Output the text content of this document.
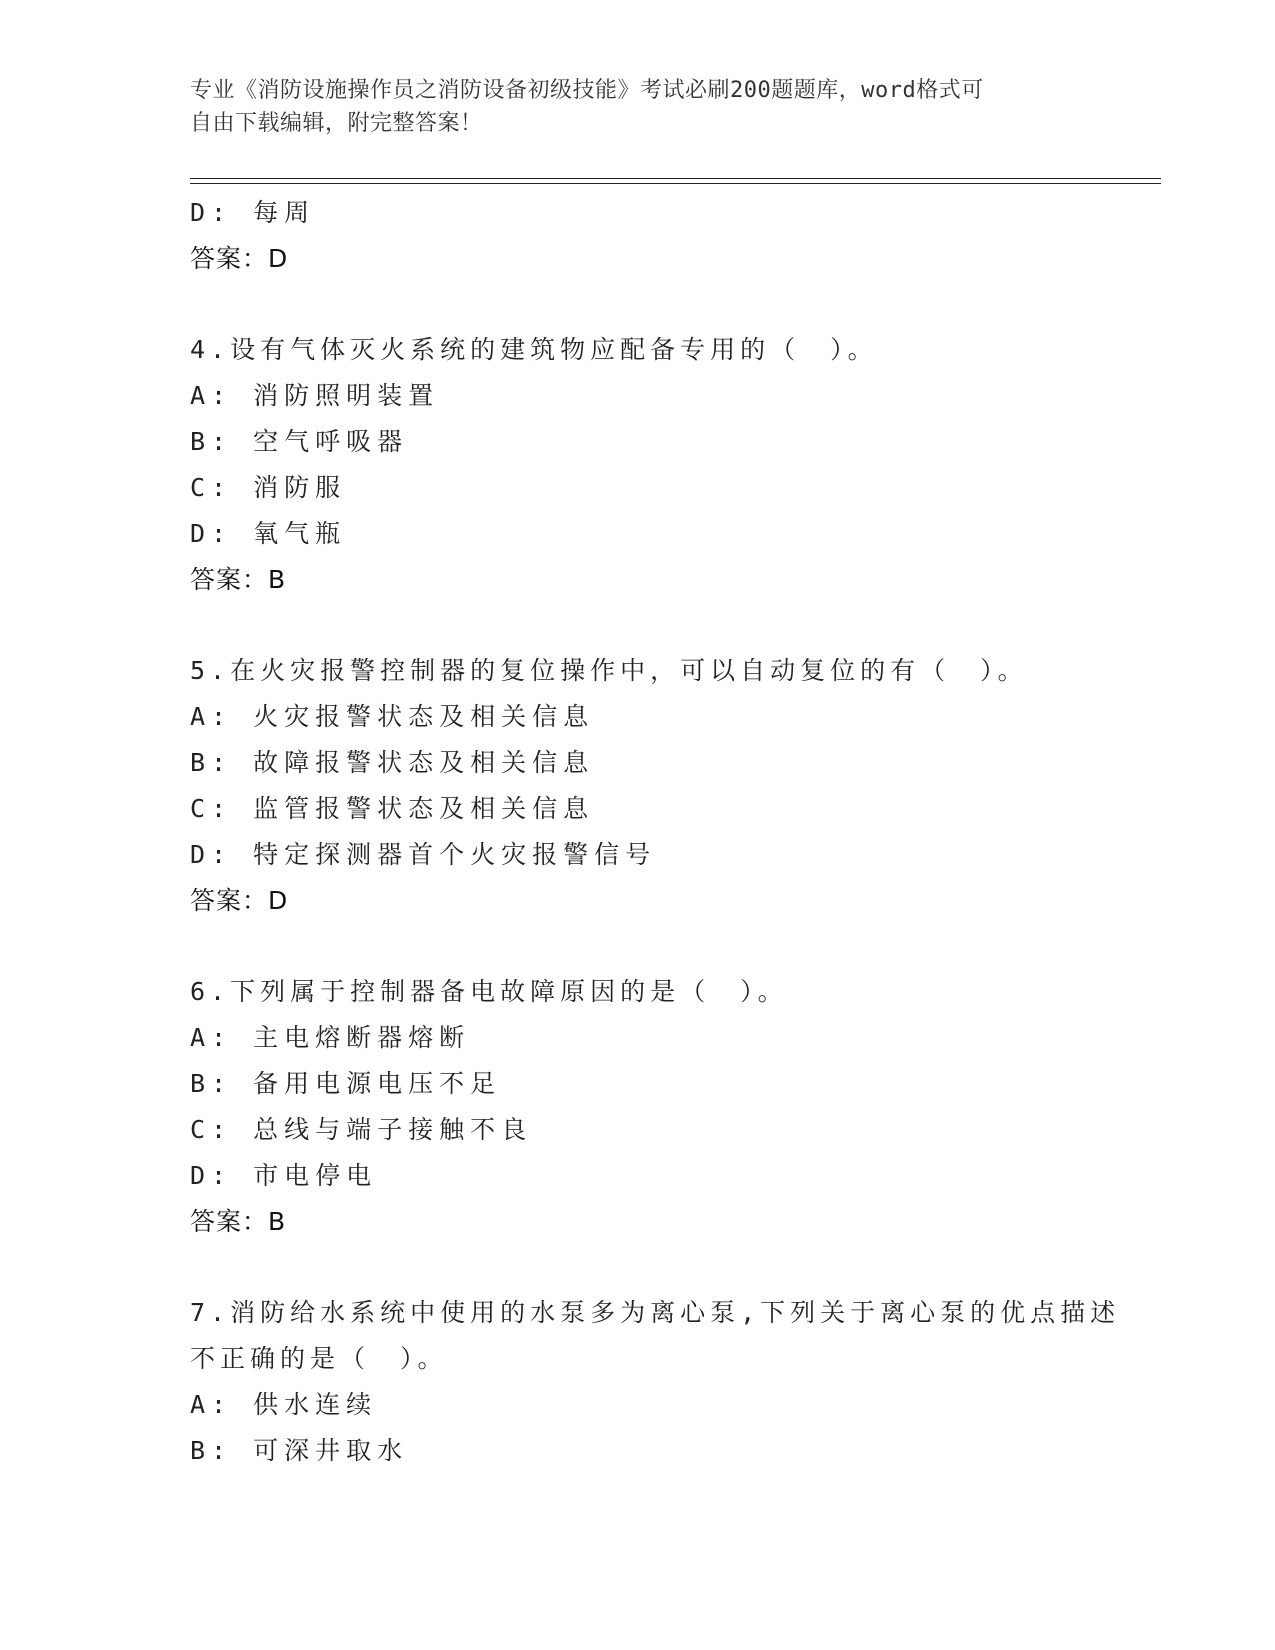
专业《消防设施操作员之消防设备初级技能》考试必刷200题题库，word格式可
自由下载编辑，附完整答案！
D: 每周
答案：D
4.设有气体灭火系统的建筑物应配备专用的（　）。
A: 消防照明装置
B: 空气呼吸器
C: 消防服
D: 氧气瓶
答案：B
5.在火灾报警控制器的复位操作中，可以自动复位的有（　）。
A: 火灾报警状态及相关信息
B: 故障报警状态及相关信息
C: 监管报警状态及相关信息
D: 特定探测器首个火灾报警信号
答案：D
6.下列属于控制器备电故障原因的是（　）。
A: 主电熔断器熔断
B: 备用电源电压不足
C: 总线与端子接触不良
D: 市电停电
答案：B
7.消防给水系统中使用的水泵多为离心泵,下列关于离心泵的优点描述
不正确的是（　）。
A: 供水连续
B: 可深井取水
